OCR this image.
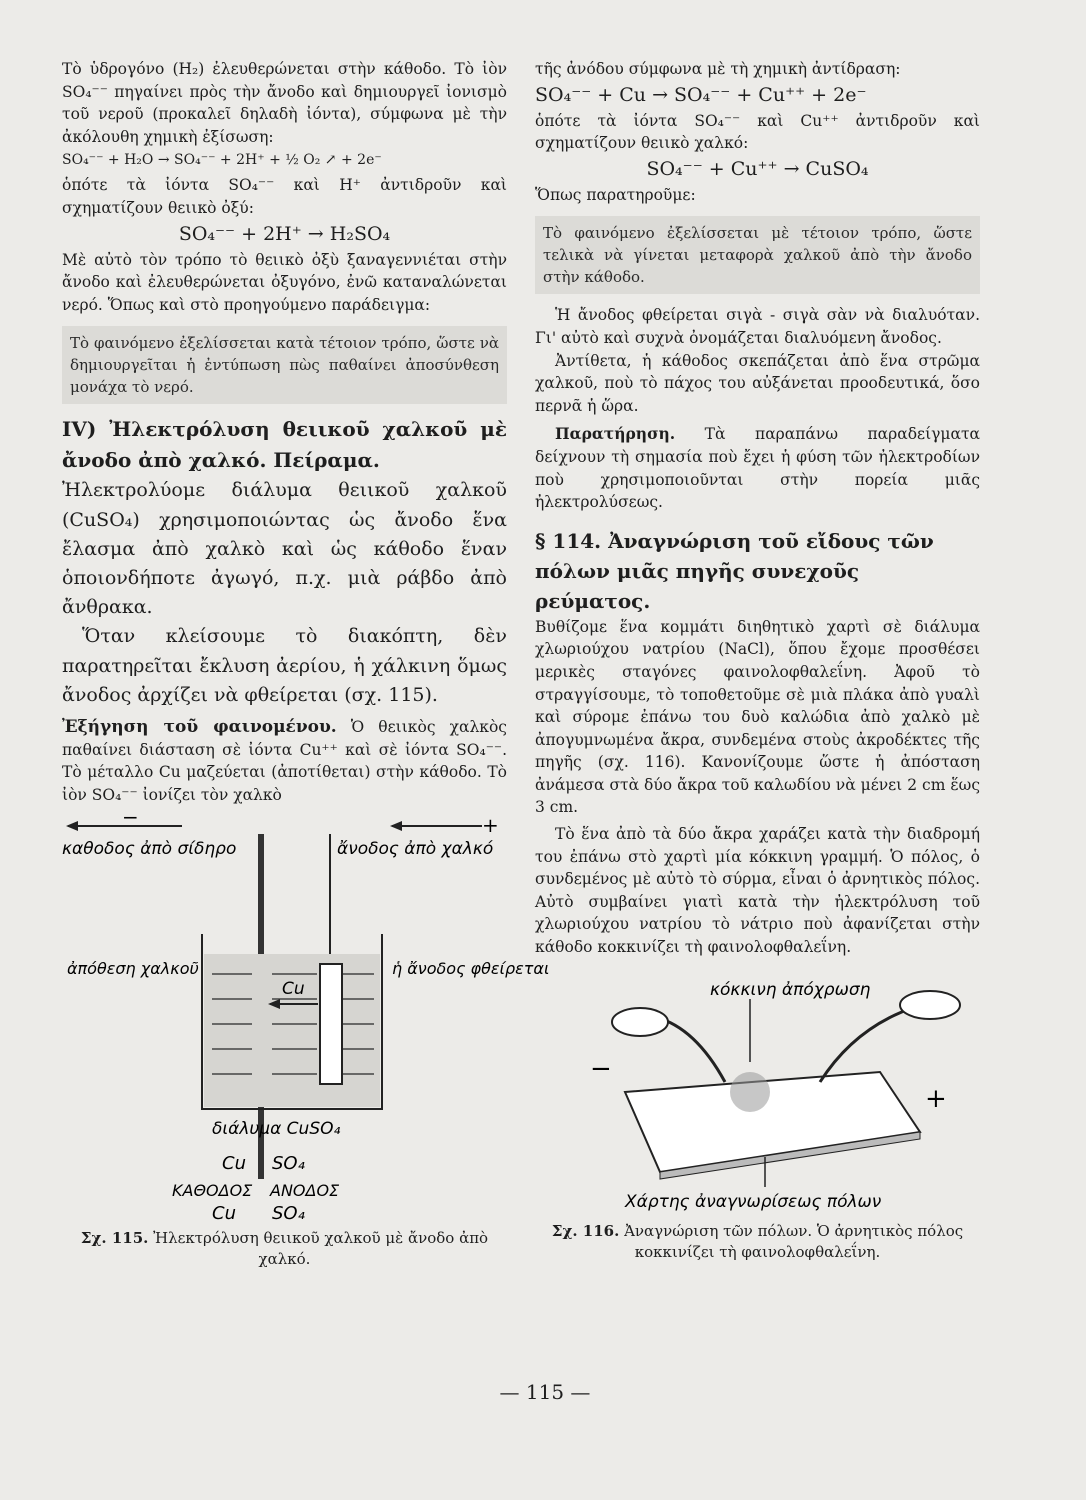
Τὸ ὑδρογόνο (H₂) ἐλευθερώνεται στὴν κάθοδο. Τὸ ἰὸν SO₄⁻⁻ πηγαίνει πρὸς τὴν ἄνοδο καὶ δημιουργεῖ ἰονισμὸ τοῦ νεροῦ (προκαλεῖ δηλαδὴ ἰόντα), σύμφωνα μὲ τὴν ἀκόλουθη χημικὴ ἐξίσωση:

SO₄⁻⁻ + H₂O → SO₄⁻⁻ + 2H⁺ + ½ O₂ ↗ + 2e⁻

ὁπότε τὰ ἰόντα SO₄⁻⁻ καὶ H⁺ ἀντιδροῦν καὶ σχηματίζουν θειικὸ ὀξύ:

SO₄⁻⁻ + 2H⁺ → H₂SO₄

Μὲ αὐτὸ τὸν τρόπο τὸ θειικὸ ὀξὺ ξαναγεννιέται στὴν ἄνοδο καὶ ἐλευθερώνεται ὀξυγόνο, ἐνῶ καταναλώνεται νερό. Ὅπως καὶ στὸ προηγούμενο παράδειγμα:

Τὸ φαινόμενο ἐξελίσσεται κατὰ τέτοιον τρόπο, ὥστε νὰ δημιουργεῖται ἡ ἐντύπωση πὼς παθαίνει ἀποσύνθεση μονάχα τὸ νερό.

IV) Ἠλεκτρόλυση θειικοῦ χαλκοῦ μὲ ἄνοδο ἀπὸ χαλκό. Πείραμα.

Ἠλεκτρολύομε διάλυμα θειικοῦ χαλκοῦ (CuSO₄) χρησιμοποιώντας ὡς ἄνοδο ἕνα ἔλασμα ἀπὸ χαλκὸ καὶ ὡς κάθοδο ἕναν ὁποιονδήποτε ἀγωγό, π.χ. μιὰ ράβδο ἀπὸ ἄνθρακα.

Ὅταν κλείσουμε τὸ διακόπτη, δὲν παρατηρεῖται ἔκλυση ἀερίου, ἡ χάλκινη ὅμως ἄνοδος ἀρχίζει νὰ φθείρεται (σχ. 115).

Ἐξήγηση τοῦ φαινομένου. Ὁ θειικὸς χαλκὸς παθαίνει διάσταση σὲ ἰόντα Cu⁺⁺ καὶ σὲ ἰόντα SO₄⁻⁻. Τὸ μέταλλο Cu μαζεύεται (ἀποτίθεται) στὴν κάθοδο. Τὸ ἰὸν SO₄⁻⁻ ἰονίζει τὸν χαλκὸ

−	+
καθοδος ἀπὸ σίδηρο	ἄνοδος ἀπὸ χαλκό
Cu
ἀπόθεση χαλκοῦ	ἡ ἄνοδος φθείρεται
διάλυμα CuSO₄
Cu SO₄
ΚΑΘΟΔΟΣ ΑΝΟΔΟΣ
Cu SO₄

Σχ. 115. Ἠλεκτρόλυση θειικοῦ χαλκοῦ μὲ ἄνοδο ἀπὸ χαλκό.

τῆς ἀνόδου σύμφωνα μὲ τὴ χημικὴ ἀντίδραση:

SO₄⁻⁻ + Cu → SO₄⁻⁻ + Cu⁺⁺ + 2e⁻

ὁπότε τὰ ἰόντα SO₄⁻⁻ καὶ Cu⁺⁺ ἀντιδροῦν καὶ σχηματίζουν θειικὸ χαλκό:

SO₄⁻⁻ + Cu⁺⁺ → CuSO₄

Ὅπως παρατηροῦμε:

Τὸ φαινόμενο ἐξελίσσεται μὲ τέτοιον τρόπο, ὥστε τελικὰ νὰ γίνεται μεταφορὰ χαλκοῦ ἀπὸ τὴν ἄνοδο στὴν κάθοδο.

Ἡ ἄνοδος φθείρεται σιγὰ - σιγὰ σὰν νὰ διαλυόταν. Γι' αὐτὸ καὶ συχνὰ ὀνομάζεται διαλυόμενη ἄνοδος.

Ἀντίθετα, ἡ κάθοδος σκεπάζεται ἀπὸ ἕνα στρῶμα χαλκοῦ, ποὺ τὸ πάχος του αὐξάνεται προοδευτικά, ὅσο περνᾶ ἡ ὥρα.

Παρατήρηση. Τὰ παραπάνω παραδείγματα δείχνουν τὴ σημασία ποὺ ἔχει ἡ φύση τῶν ἠλεκτροδίων ποὺ χρησιμοποιοῦνται στὴν πορεία μιᾶς ἠλεκτρολύσεως.

§ 114. Ἀναγνώριση τοῦ εἴδους τῶν πόλων μιᾶς πηγῆς συνεχοῦς ρεύματος.

Βυθίζομε ἕνα κομμάτι διηθητικὸ χαρτὶ σὲ διάλυμα χλωριούχου νατρίου (NaCl), ὅπου ἔχομε προσθέσει μερικὲς σταγόνες φαινολοφθαλεΐνη. Ἀφοῦ τὸ στραγγίσουμε, τὸ τοποθετοῦμε σὲ μιὰ πλάκα ἀπὸ γυαλὶ καὶ σύρομε ἐπάνω του δυὸ καλώδια ἀπὸ χαλκὸ μὲ ἀπογυμνωμένα ἄκρα, συνδεμένα στοὺς ἀκροδέκτες τῆς πηγῆς (σχ. 116). Κανονίζουμε ὥστε ἡ ἀπόσταση ἀνάμεσα στὰ δύο ἄκρα τοῦ καλωδίου νὰ μένει 2 cm ἕως 3 cm.

Τὸ ἕνα ἀπὸ τὰ δύο ἄκρα χαράζει κατὰ τὴν διαδρομή του ἐπάνω στὸ χαρτὶ μία κόκκινη γραμμή. Ὁ πόλος, ὁ συνδεμένος μὲ αὐτὸ τὸ σύρμα, εἶναι ὁ ἀρνητικὸς πόλος. Αὐτὸ συμβαίνει γιατὶ κατὰ τὴν ἠλεκτρόλυση τοῦ χλωριούχου νατρίου τὸ νάτριο ποὺ ἀφανίζεται στὴν κάθοδο κοκκινίζει τὴ φαινολοφθαλεΐνη.

κόκκινη ἀπόχρωση
−
+
Χάρτης ἀναγνωρίσεως πόλων

Σχ. 116. Ἀναγνώριση τῶν πόλων. Ὁ ἀρνητικὸς πόλος κοκκινίζει τὴ φαινολοφθαλεΐνη.

— 115 —
